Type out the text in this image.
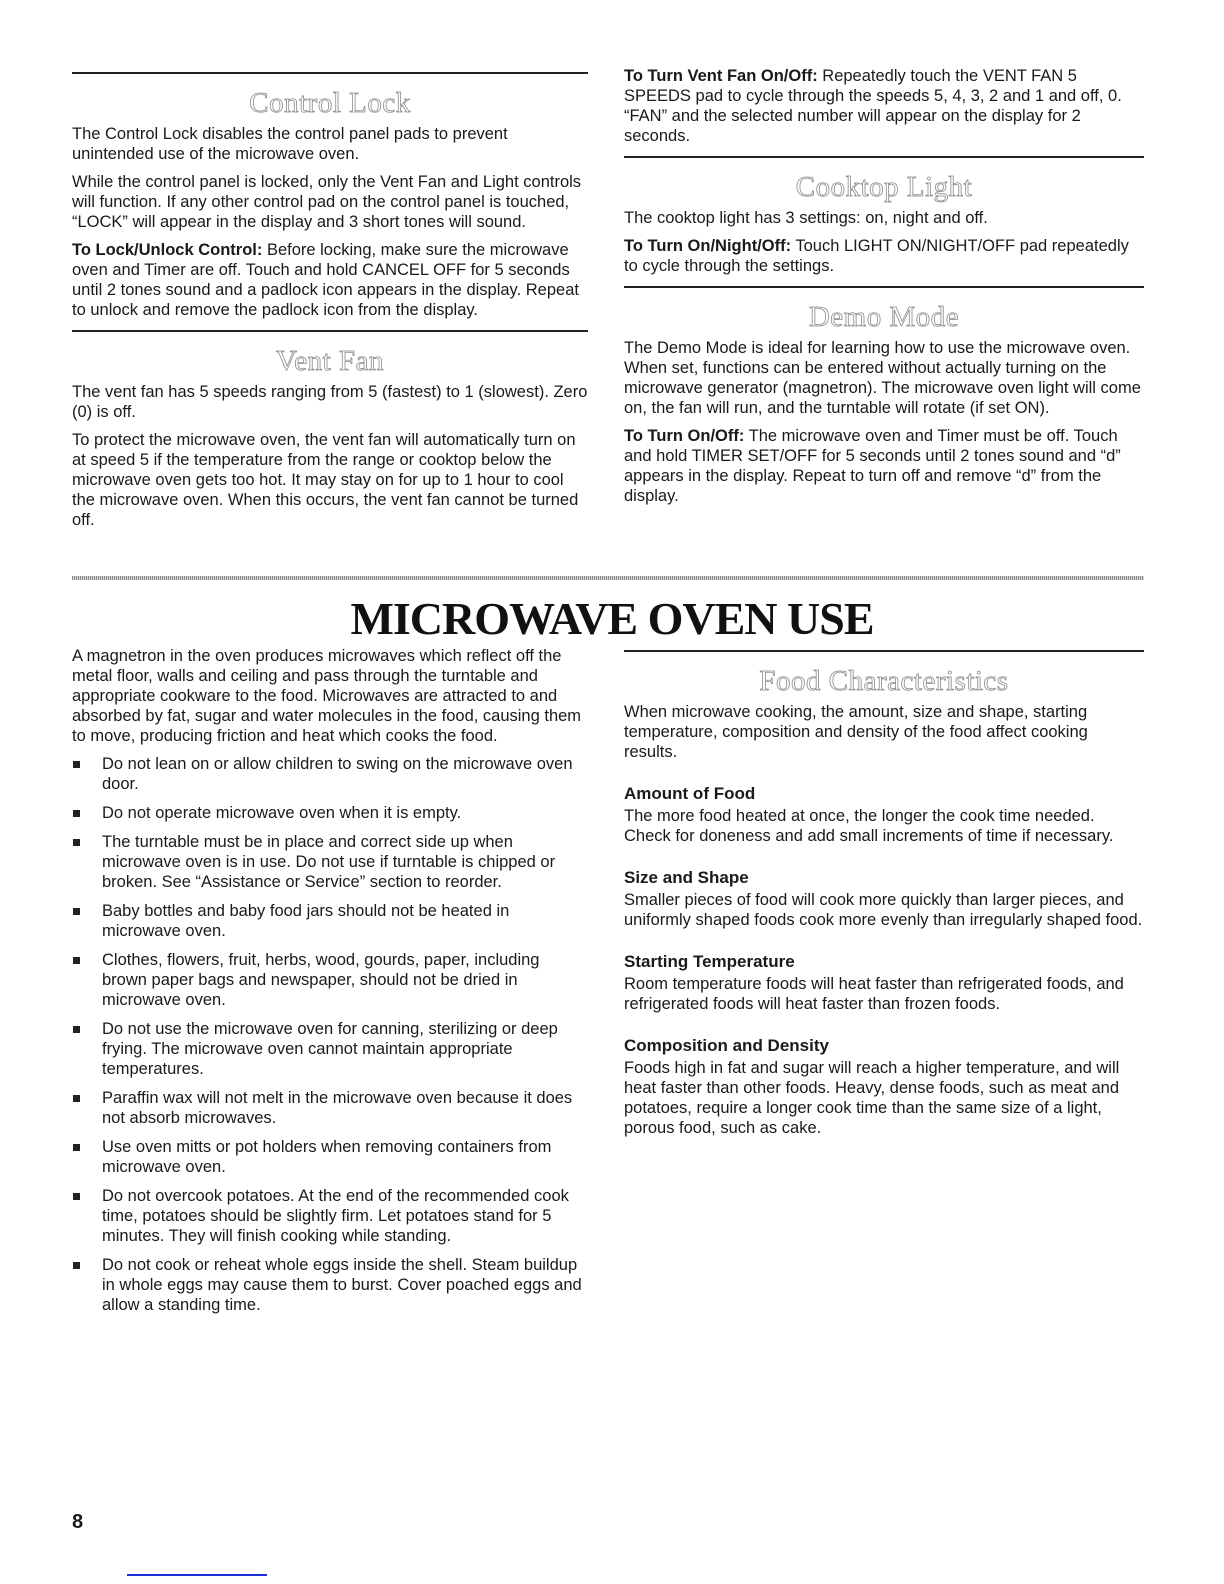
Control Lock

The Control Lock disables the control panel pads to prevent unintended use of the microwave oven.

While the control panel is locked, only the Vent Fan and Light controls will function. If any other control pad on the control panel is touched, “LOCK” will appear in the display and 3 short tones will sound.

To Lock/Unlock Control: Before locking, make sure the microwave oven and Timer are off. Touch and hold CANCEL OFF for 5 seconds until 2 tones sound and a padlock icon appears in the display. Repeat to unlock and remove the padlock icon from the display.

Vent Fan

The vent fan has 5 speeds ranging from 5 (fastest) to 1 (slowest). Zero (0) is off.

To protect the microwave oven, the vent fan will automatically turn on at speed 5 if the temperature from the range or cooktop below the microwave oven gets too hot. It may stay on for up to 1 hour to cool the microwave oven. When this occurs, the vent fan cannot be turned off.

To Turn Vent Fan On/Off: Repeatedly touch the VENT FAN 5 SPEEDS pad to cycle through the speeds 5, 4, 3, 2 and 1 and off, 0. “FAN” and the selected number will appear on the display for 2 seconds.

Cooktop Light

The cooktop light has 3 settings: on, night and off.

To Turn On/Night/Off: Touch LIGHT ON/NIGHT/OFF pad repeatedly to cycle through the settings.

Demo Mode

The Demo Mode is ideal for learning how to use the microwave oven. When set, functions can be entered without actually turning on the microwave generator (magnetron). The microwave oven light will come on, the fan will run, and the turntable will rotate (if set ON).

To Turn On/Off: The microwave oven and Timer must be off. Touch and hold TIMER SET/OFF for 5 seconds until 2 tones sound and “d” appears in the display. Repeat to turn off and remove “d” from the display.

MICROWAVE OVEN USE

A magnetron in the oven produces microwaves which reflect off the metal floor, walls and ceiling and pass through the turntable and appropriate cookware to the food. Microwaves are attracted to and absorbed by fat, sugar and water molecules in the food, causing them to move, producing friction and heat which cooks the food.

Do not lean on or allow children to swing on the microwave oven door.
Do not operate microwave oven when it is empty.
The turntable must be in place and correct side up when microwave oven is in use. Do not use if turntable is chipped or broken. See “Assistance or Service” section to reorder.
Baby bottles and baby food jars should not be heated in microwave oven.
Clothes, flowers, fruit, herbs, wood, gourds, paper, including brown paper bags and newspaper, should not be dried in microwave oven.
Do not use the microwave oven for canning, sterilizing or deep frying. The microwave oven cannot maintain appropriate temperatures.
Paraffin wax will not melt in the microwave oven because it does not absorb microwaves.
Use oven mitts or pot holders when removing containers from microwave oven.
Do not overcook potatoes. At the end of the recommended cook time, potatoes should be slightly firm. Let potatoes stand for 5 minutes. They will finish cooking while standing.
Do not cook or reheat whole eggs inside the shell. Steam buildup in whole eggs may cause them to burst. Cover poached eggs and allow a standing time.
Food Characteristics

When microwave cooking, the amount, size and shape, starting temperature, composition and density of the food affect cooking results.

Amount of Food

The more food heated at once, the longer the cook time needed. Check for doneness and add small increments of time if necessary.

Size and Shape

Smaller pieces of food will cook more quickly than larger pieces, and uniformly shaped foods cook more evenly than irregularly shaped food.

Starting Temperature

Room temperature foods will heat faster than refrigerated foods, and refrigerated foods will heat faster than frozen foods.

Composition and Density

Foods high in fat and sugar will reach a higher temperature, and will heat faster than other foods. Heavy, dense foods, such as meat and potatoes, require a longer cook time than the same size of a light, porous food, such as cake.

8
